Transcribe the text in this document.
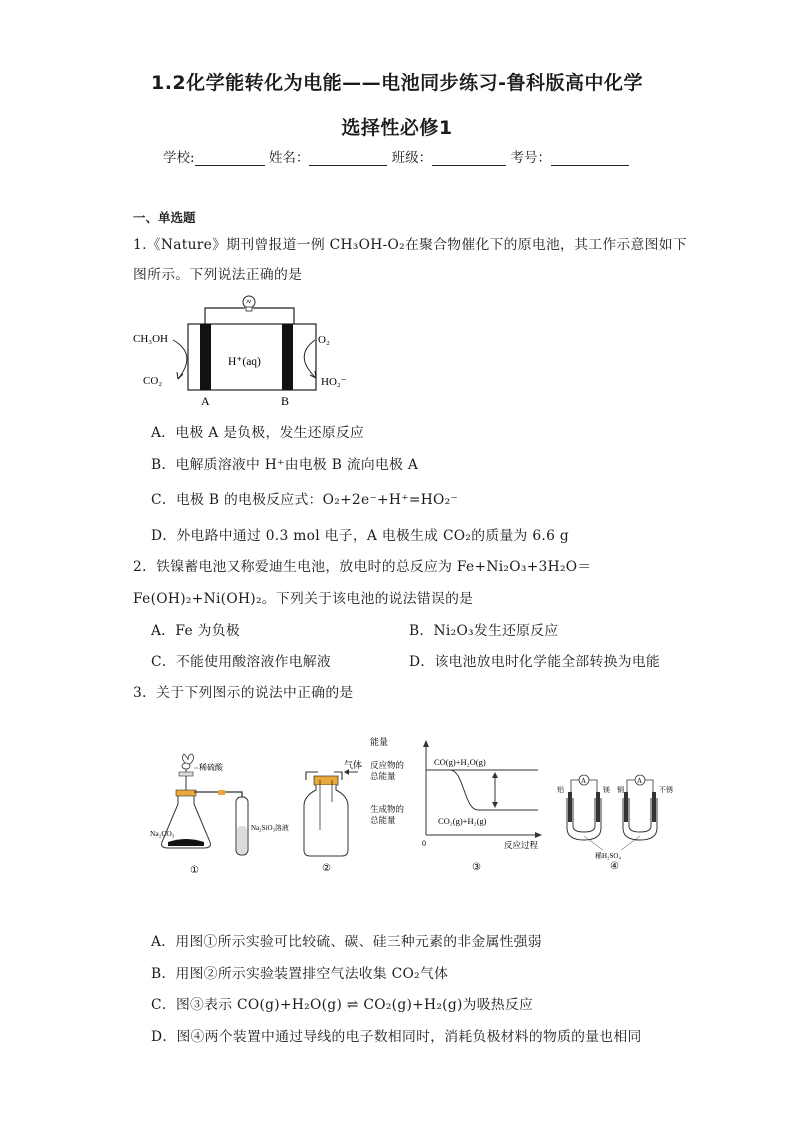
1.2化学能转化为电能——电池同步练习-鲁科版高中化学
选择性必修1
学校:	姓名：	班级：	考号：
一、单选题
1.《Nature》期刊曾报道一例 CH₃OH-O₂在聚合物催化下的原电池，其工作示意图如下
图所示。下列说法正确的是
H⁺(aq)
CH₃OH
CO₂
O₂
HO₂⁻
A	B
A．电极 A 是负极，发生还原反应
B．电解质溶液中 H⁺由电极 B 流向电极 A
C．电极 B 的电极反应式：O₂+2e⁻+H⁺=HO₂⁻
D．外电路中通过 0.3 mol 电子，A 电极生成 CO₂的质量为 6.6 g
2．铁镍蓄电池又称爱迪生电池，放电时的总反应为 Fe+Ni₂O₃+3H₂O＝
Fe(OH)₂+Ni(OH)₂。下列关于该电池的说法错误的是
A．Fe 为负极	B．Ni₂O₃发生还原反应
C．不能使用酸溶液作电解液	D．该电池放电时化学能全部转换为电能
3．关于下列图示的说法中正确的是
稀硫酸
Na₂CO₃
Na₂SiO₃溶液
①
气体
②
能量
反应物的
总能量
生成物的
总能量
CO(g)+H₂O(g)
CO₂(g)+H₂(g)
0	反应过程
③
A
铝	镁
A
铜	不锈
稀H₂SO₄
④
A．用图①所示实验可比较硫、碳、硅三种元素的非金属性强弱
B．用图②所示实验装置排空气法收集 CO₂气体
C．图③表示 CO(g)+H₂O(g) ⇌ CO₂(g)+H₂(g)为吸热反应
D．图④两个装置中通过导线的电子数相同时，消耗负极材料的物质的量也相同
